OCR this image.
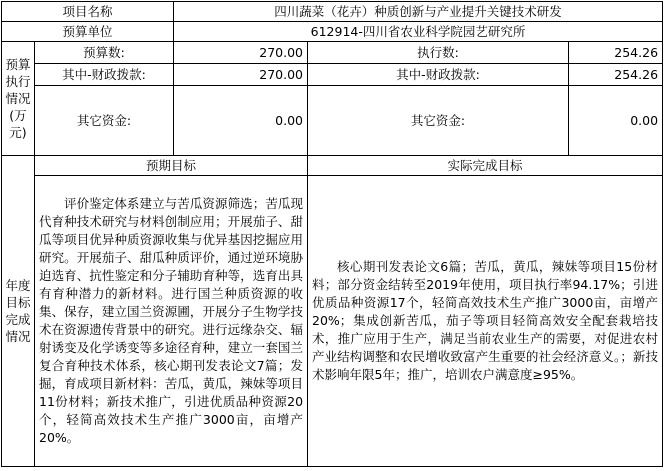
项目名称		四川蔬菜（花卉）种质创新与产业提升关键技术研发		
预算单位		612914-四川省农业科学院园艺研究所		
预算执行情况(万元)	预算数:	270.00	执行数:	254.26
	其中-财政拨款:	270.00	其中-财政拨款:	254.26
	其它资金:	0.00	其它资金:	0.00
年度目标完成情况	预期目标		实际完成目标	

	评价鉴定体系建立与苦瓜资源筛选；苦瓜现代育种技术研究与材料创制应用；开展茄子、甜瓜等项目优异种质资源收集与优异基因挖掘应用研究。开展茄子、甜瓜种质评价，通过逆环境胁迫选育、抗性鉴定和分子辅助育种等，选育出具有育种潜力的新材料。进行国兰种质资源的收集、保存，建立国兰资源圃，开展分子生物学技术在资源遗传背景中的研究。进行远缘杂交、辐射诱变及化学诱变等多途径育种，建立一套国兰复合育种技术体系，核心期刊发表论文7篇；发掘，育成项目新材料：苦瓜，黄瓜，辣妹等项目11份材料；新技术推广，引进优质品种资源20个，轻简高效技术生产推广3000亩，亩增产20%。		核心期刊发表论文6篇；苦瓜，黄瓜，辣妹等项目15份材料；部分资金结转至2019年使用，项目执行率94.17%；引进优质品种资源17个，轻简高效技术生产推广3000亩，亩增产20%；集成创新苦瓜，茄子等项目轻简高效安全配套栽培技术，推广应用于生产，满足当前农业生产的需要，对促进农村产业结构调整和农民增收致富产生重要的社会经济意义。；新技术影响年限5年；推广，培训农户满意度≥95%。	
